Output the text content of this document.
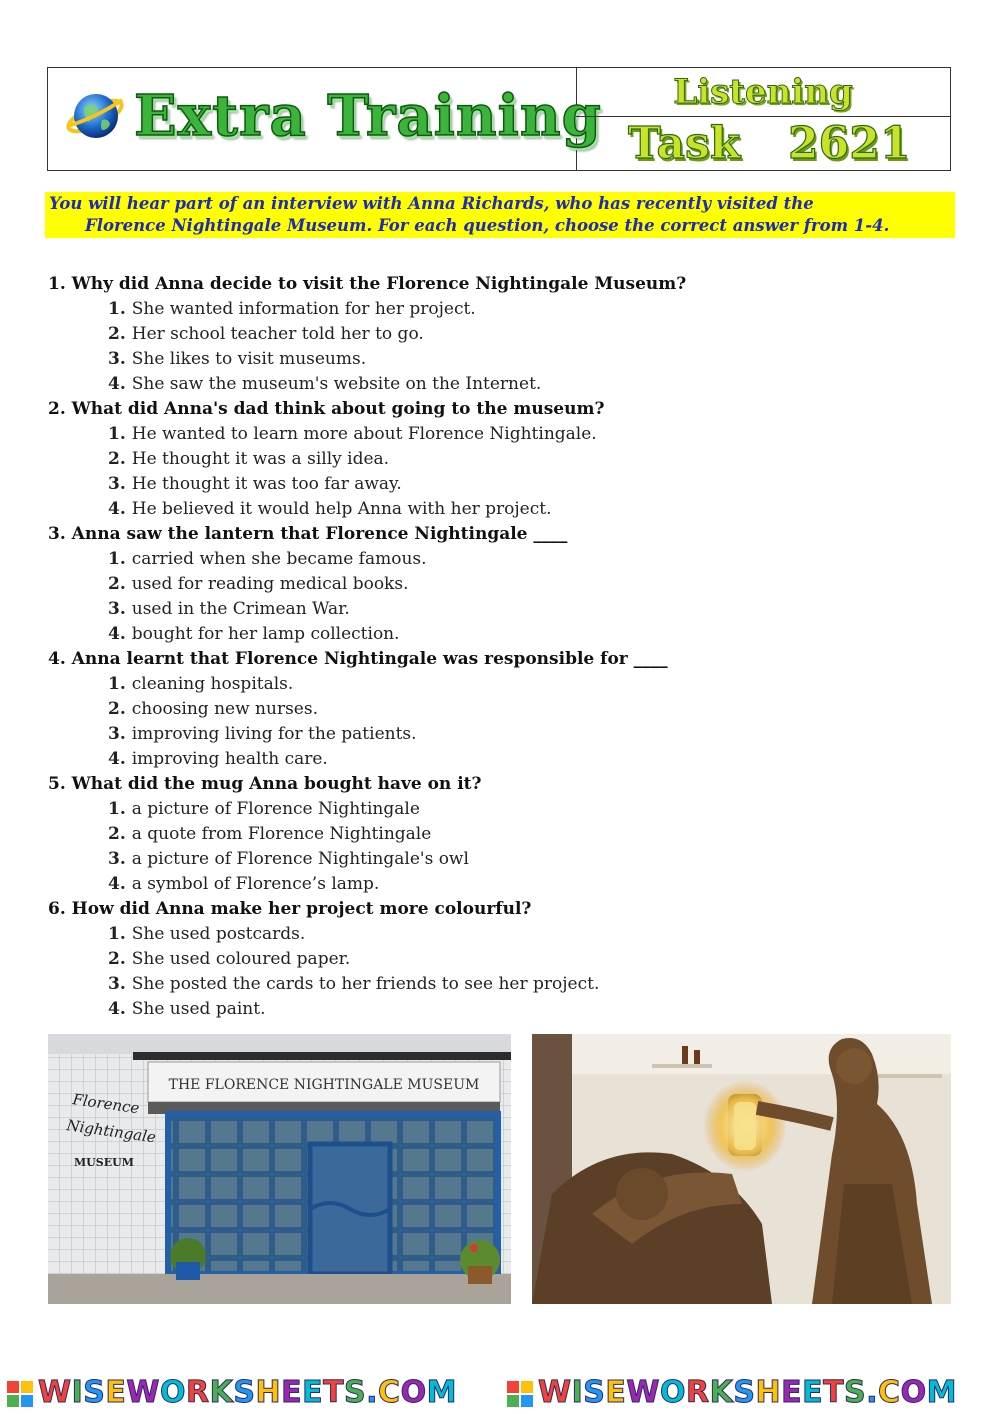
Extra Training	Listening
Task 2621
You will hear part of an interview with Anna Richards, who has recently visited the
Florence Nightingale Museum. For each question, choose the correct answer from 1-4.
1. Why did Anna decide to visit the Florence Nightingale Museum?
1. She wanted information for her project.
2. Her school teacher told her to go.
3. She likes to visit museums.
4. She saw the museum's website on the Internet.
2. What did Anna's dad think about going to the museum?
1. He wanted to learn more about Florence Nightingale.
2. He thought it was a silly idea.
3. He thought it was too far away.
4. He believed it would help Anna with her project.
3. Anna saw the lantern that Florence Nightingale ____
1. carried when she became famous.
2. used for reading medical books.
3. used in the Crimean War.
4. bought for her lamp collection.
4. Anna learnt that Florence Nightingale was responsible for ____
1. cleaning hospitals.
2. choosing new nurses.
3. improving living for the patients.
4. improving health care.
5. What did the mug Anna bought have on it?
1. a picture of Florence Nightingale
2. a quote from Florence Nightingale
3. a picture of Florence Nightingale's owl
4. a symbol of Florence’s lamp.
6. How did Anna make her project more colourful?
1. She used postcards.
2. She used coloured paper.
3. She posted the cards to her friends to see her project.
4. She used paint.
THE FLORENCE NIGHTINGALE MUSEUM
Florence
Nightingale
MUSEUM
WISEWORKSHEETS.COM	WISEWORKSHEETS.COM
